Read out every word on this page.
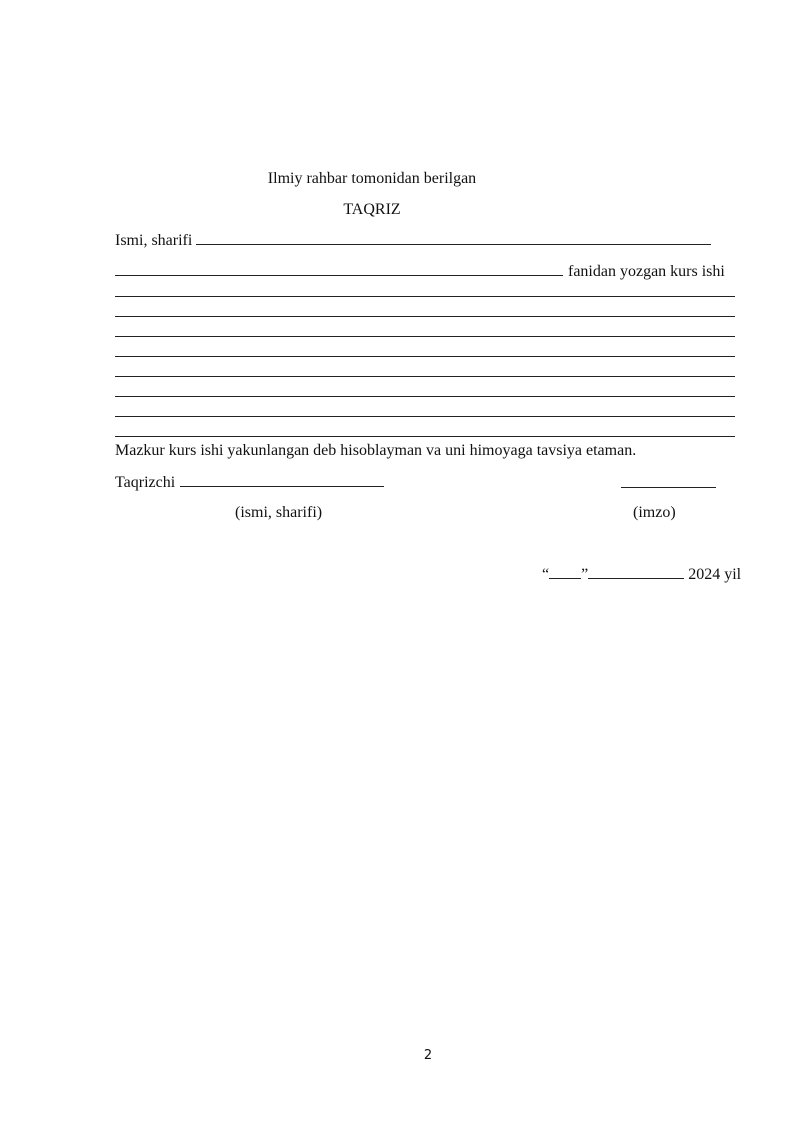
Ilmiy rahbar tomonidan berilgan
TAQRIZ
Ismi, sharifi
fanidan yozgan kurs ishi
Mazkur kurs ishi yakunlangan deb hisoblayman va uni himoyaga tavsiya etaman.
Taqrizchi
(ismi, sharifi)	(imzo)
“ ”	2024 yil
2
